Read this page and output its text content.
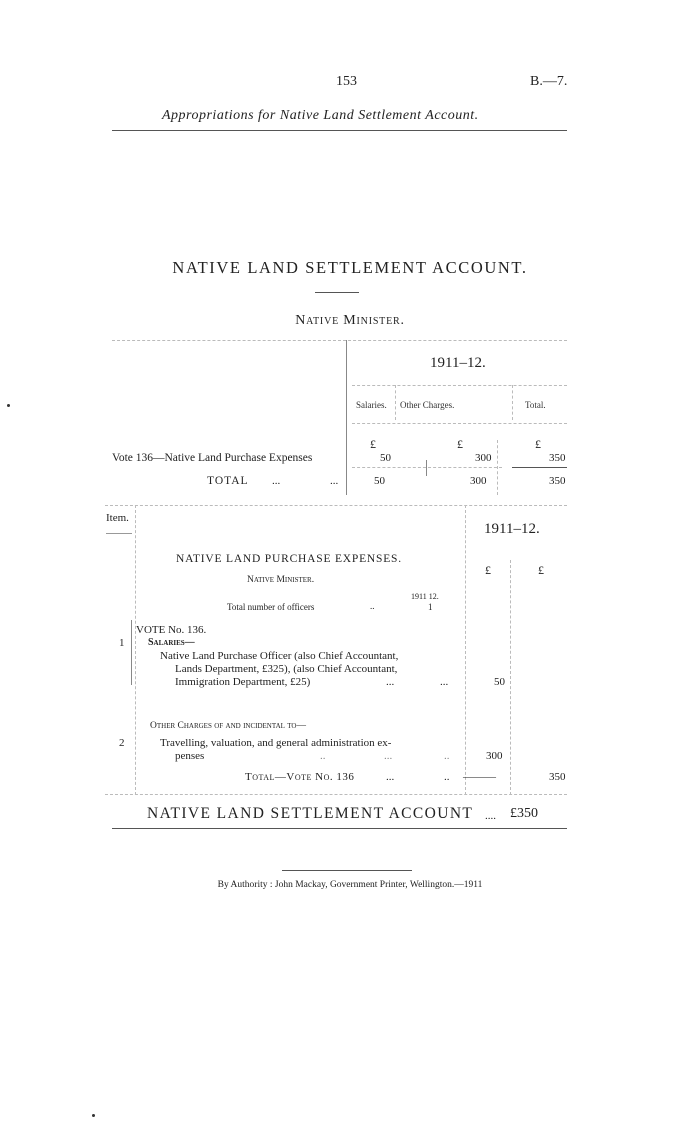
153	B.—7.
Appropriations for Native Land Settlement Account.
NATIVE LAND SETTLEMENT ACCOUNT.
Native Minister.
1911–12.
Salaries. Other Charges.	Total.
£	£	£
Vote 136—Native Land Purchase Expenses	50	300	350
TOTAL ...	...	50	300	350
Item.
1911–12.
£	£
NATIVE LAND PURCHASE EXPENSES.
Native Minister.
1911 12.
Total number of officers	..	1
VOTE No. 136.
1 Salaries—
Native Land Purchase Officer (also Chief Accountant,
Lands Department, £325), (also Chief Accountant,
Immigration Department, £25)	...	...	50
Other Charges of and incidental to—
2	Travelling, valuation, and general administration ex-
penses	..	...	..	300
Total—Vote No. 136	...	.. ———	350
NATIVE LAND SETTLEMENT ACCOUNT .... £350
By Authority : John Mackay, Government Printer, Wellington.—1911
